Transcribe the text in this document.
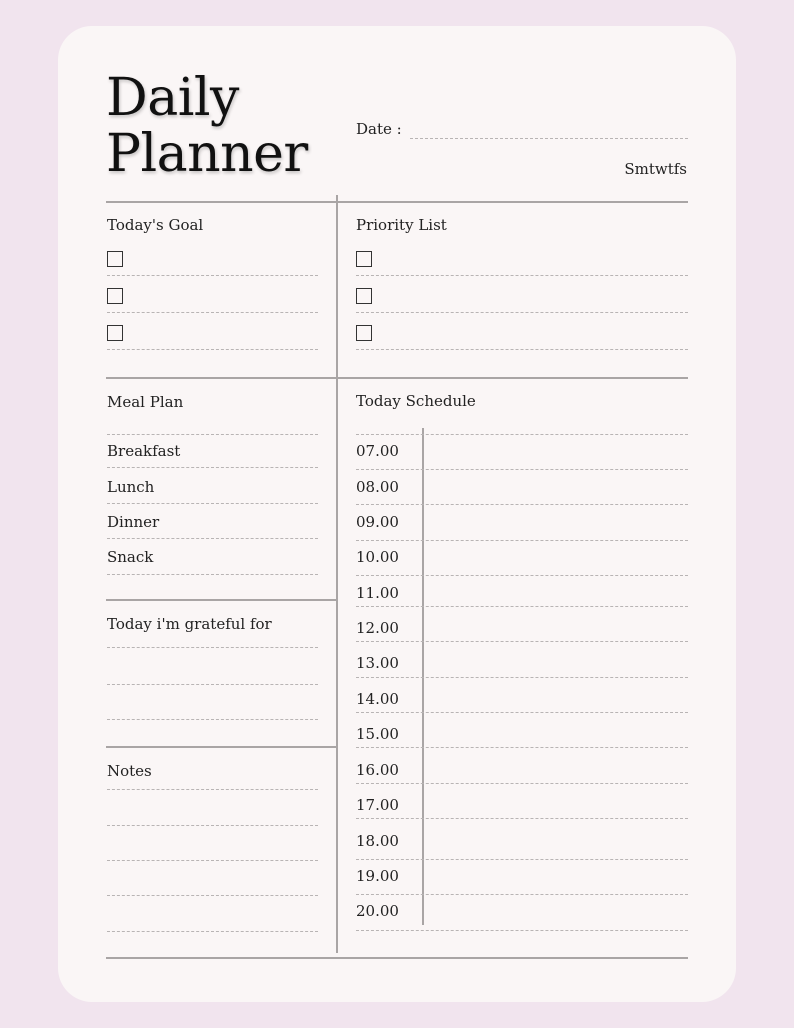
Daily
Planner	Date :
Smtwtfs
Today's Goal	Priority List
Meal Plan
Breakfast
Lunch
Dinner
Snack
Today i'm grateful for
Notes
Today Schedule
07.00
08.00
09.00
10.00
11.00
12.00
13.00
14.00
15.00
16.00
17.00
18.00
19.00
20.00
